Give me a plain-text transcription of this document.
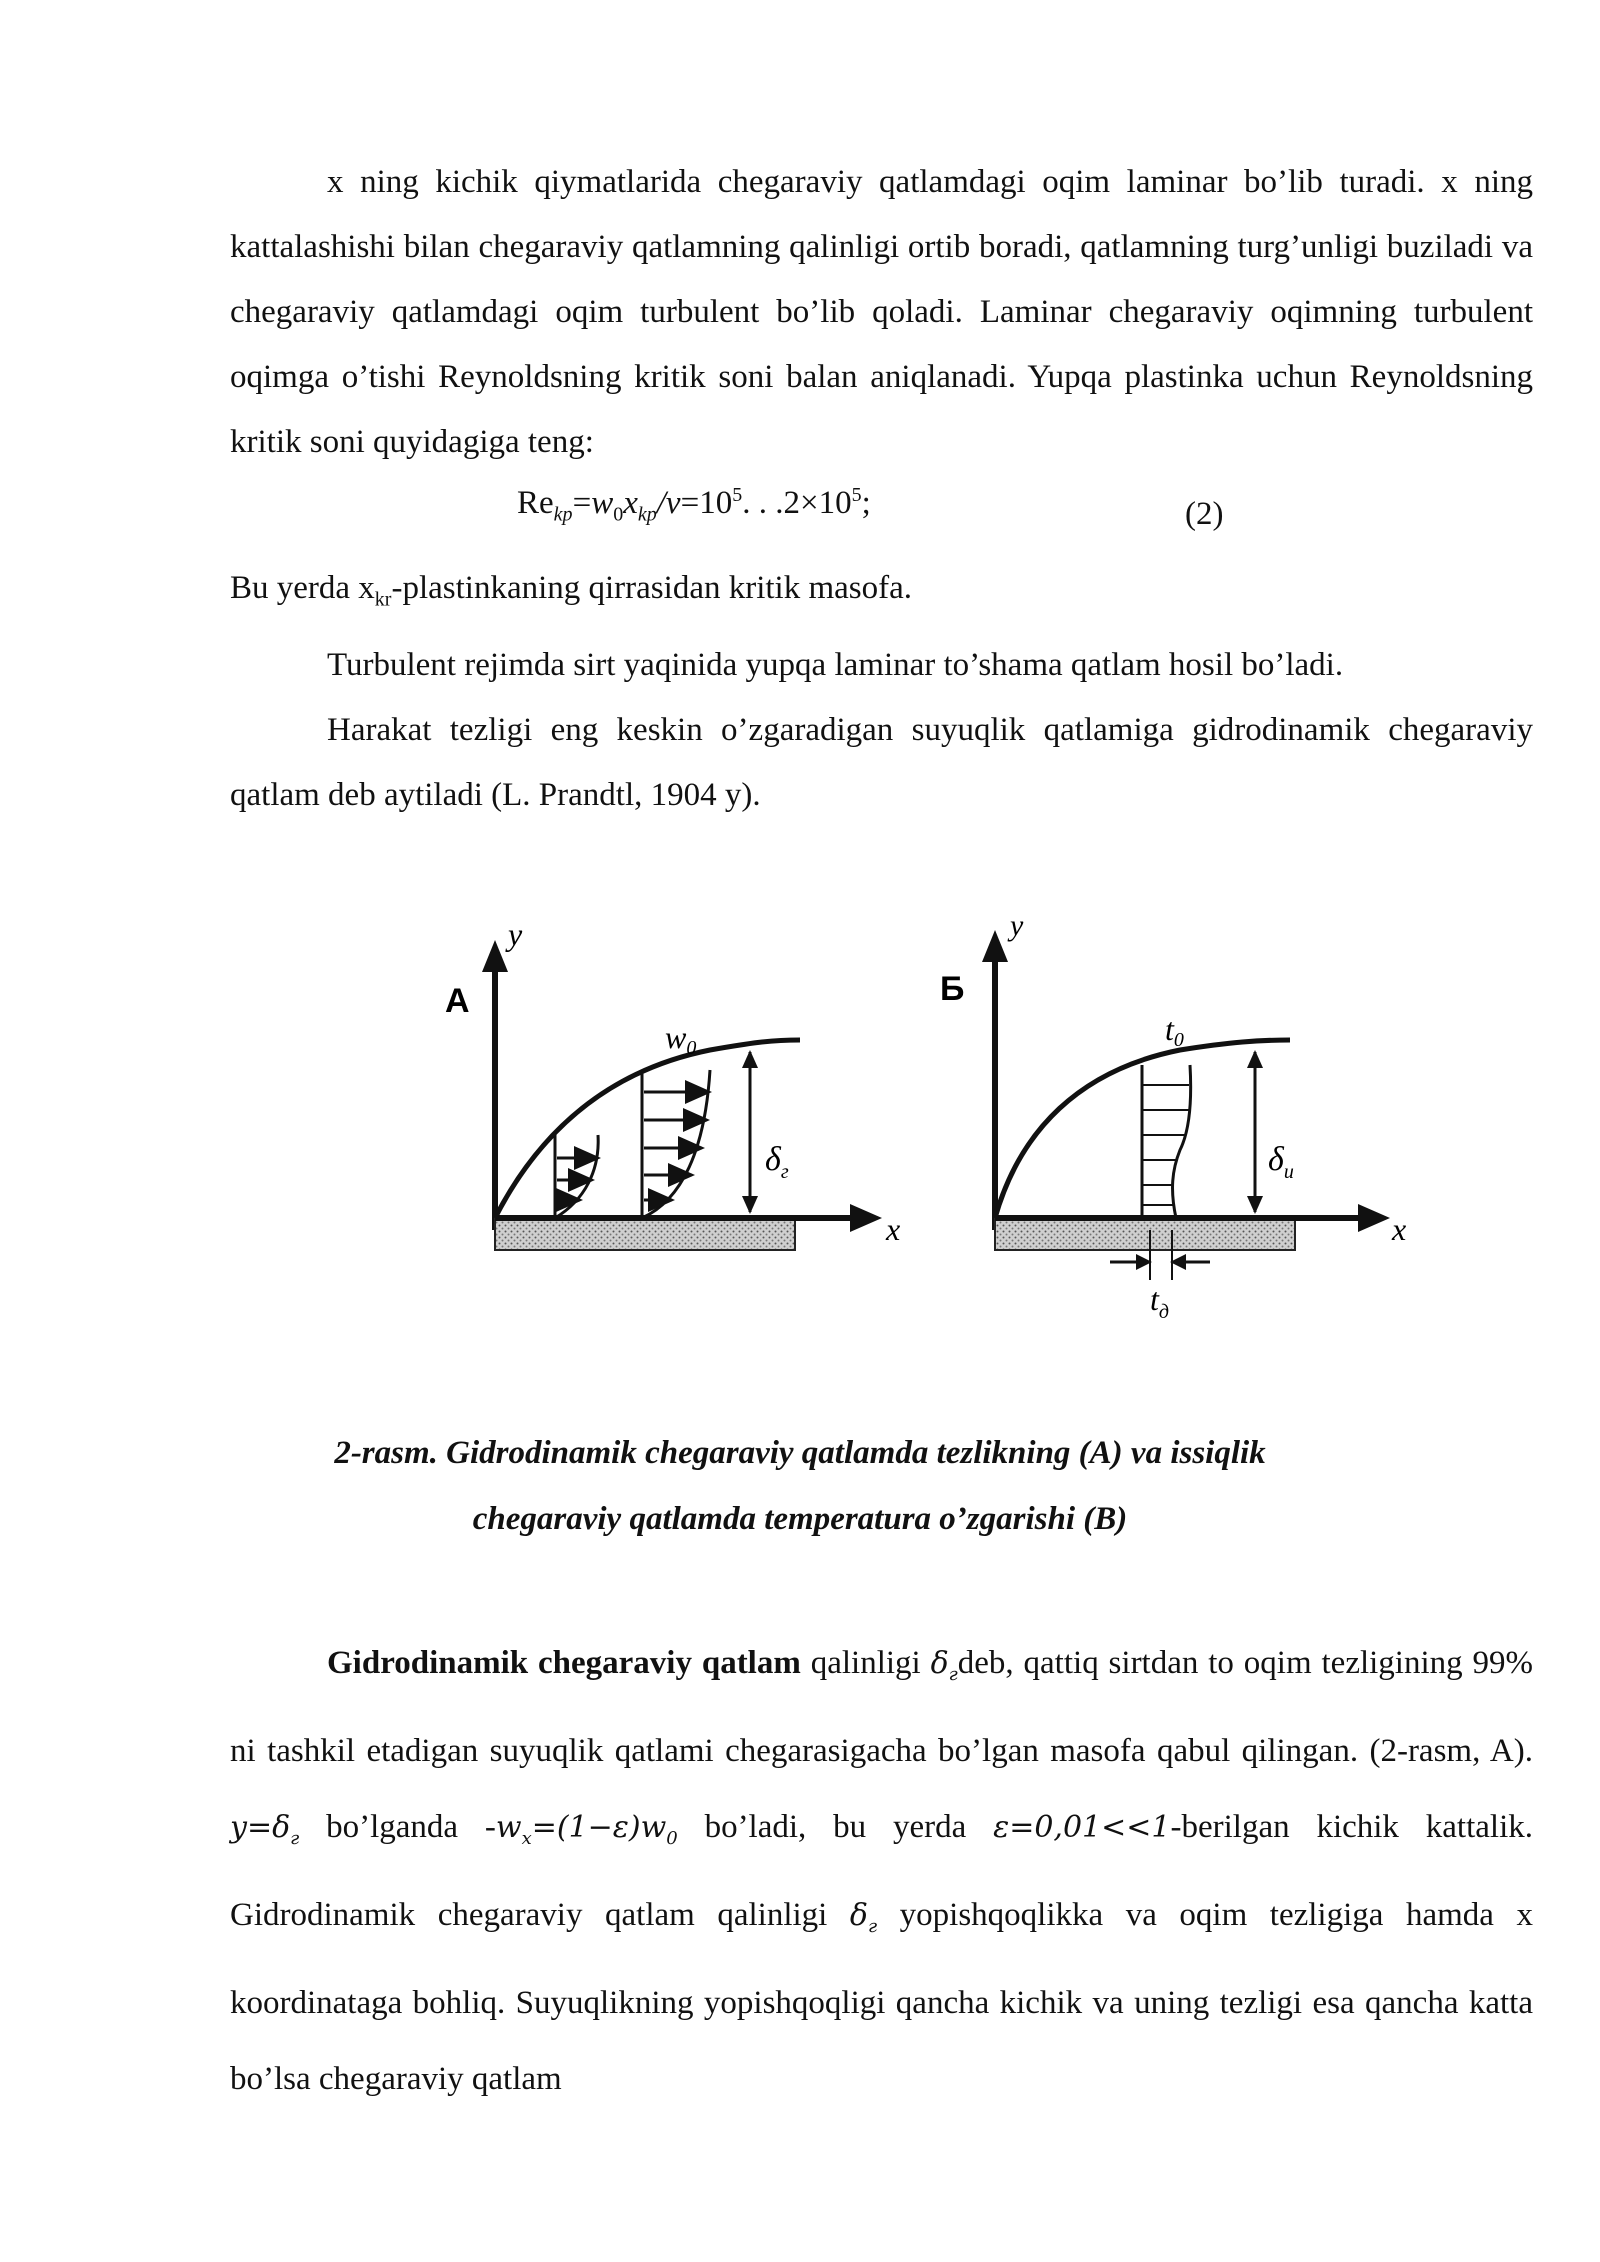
x ning kichik qiymatlarida chegaraviy qatlamdagi oqim laminar bo’lib turadi. x ning kattalashishi bilan chegaraviy qatlamning qalinligi ortib boradi, qatlamning turg’unligi buziladi va chegaraviy qatlamdagi oqim turbulent bo’lib qoladi. Laminar chegaraviy oqimning turbulent oqimga o’tishi Reynoldsning kritik soni balan aniqlanadi. Yupqa plastinka uchun Reynoldsning kritik soni quyidagiga teng:

$Re_{kp}=w_0x_{kp}/v=10^5$. . $.2\times 10^5$;	(2)

Bu yerda $x_{kr}$-plastinkaning qirrasidan kritik masofa.

Turbulent rejimda sirt yaqinida yupqa laminar to’shama qatlam hosil bo’ladi.

Harakat tezligi eng keskin o’zgaradigan suyuqlik qatlamiga gidrodinamik chegaraviy qatlam deb aytiladi (L. Prandtl, 1904 y).

A
y
x
w0
$\delta_г$
Б
y
x
t0
$\delta_u$
$t_д$
2-rasm. Gidrodinamik chegaraviy qatlamda tezlikning (A) va issiqlik
chegaraviy qatlamda temperatura o’zgarishi (B)

Gidrodinamik chegaraviy qatlam qalinligi $\delta_гdeb$, qattiq sirtdan to oqim tezligining 99% ni tashkil etadigan suyuqlik qatlami chegarasigacha bo’lgan masofa qabul qilingan. (2-rasm, A). $y=\delta_г$ bo’lganda $-w_x=(1-\varepsilon)w_0$ bo’ladi, bu yerda ε=0,01<<1-berilgan kichik kattalik. Gidrodinamik chegaraviy qatlam qalinligi $\delta_г$ yopishqoqlikka va oqim tezligiga hamda x koordinataga bohliq. Suyuqlikning yopishqoqligi qancha kichik va uning tezligi esa qancha katta bo’lsa chegaraviy qatlam
